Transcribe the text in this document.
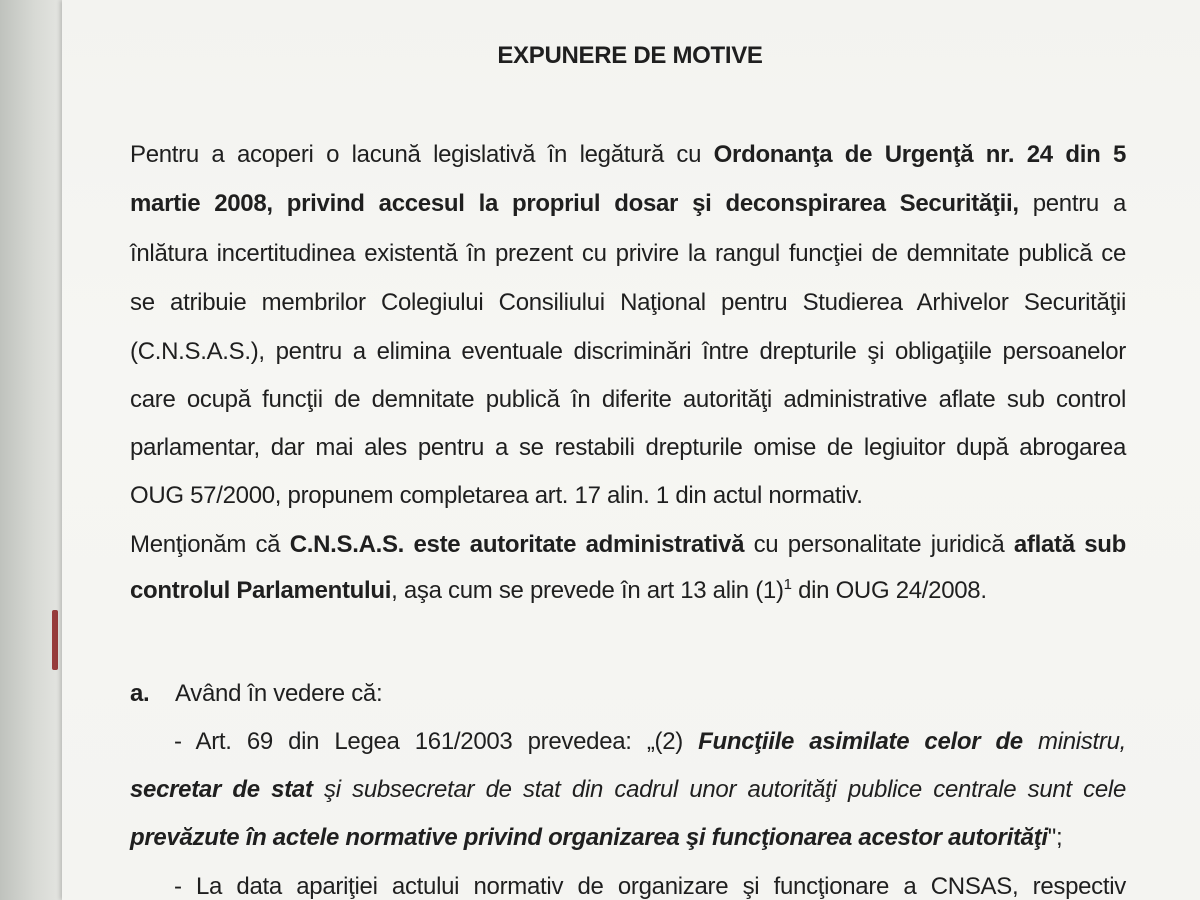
EXPUNERE DE MOTIVE
Pentru a acoperi o lacună legislativă în legătură cu Ordonanţa de Urgenţă nr. 24 din 5
martie 2008, privind accesul la propriul dosar şi deconspirarea Securităţii, pentru a
înlătura incertitudinea existentă în prezent cu privire la rangul funcţiei de demnitate publică ce
se atribuie membrilor Colegiului Consiliului Naţional pentru Studierea Arhivelor Securităţii
(C.N.S.A.S.), pentru a elimina eventuale discriminări între drepturile şi obligaţiile persoanelor
care ocupă funcţii de demnitate publică în diferite autorităţi administrative aflate sub control
parlamentar, dar mai ales pentru a se restabili drepturile omise de legiuitor după abrogarea
OUG 57/2000, propunem completarea art. 17 alin. 1 din actul normativ.
Menţionăm că C.N.S.A.S. este autoritate administrativă cu personalitate juridică aflată sub
controlul Parlamentului, aşa cum se prevede în art 13 alin $(1)^1$ din OUG 24/2008.
a. Având în vedere că:
- Art. 69 din Legea 161/2003 prevedea: „(2) Funcţiile asimilate celor de ministru,
secretar de stat şi subsecretar de stat din cadrul unor autorităţi publice centrale sunt cele
prevăzute în actele normative privind organizarea şi funcţionarea acestor autorităţi";
- La data apariţiei actului normativ de organizare şi funcţionare a CNSAS, respectiv
